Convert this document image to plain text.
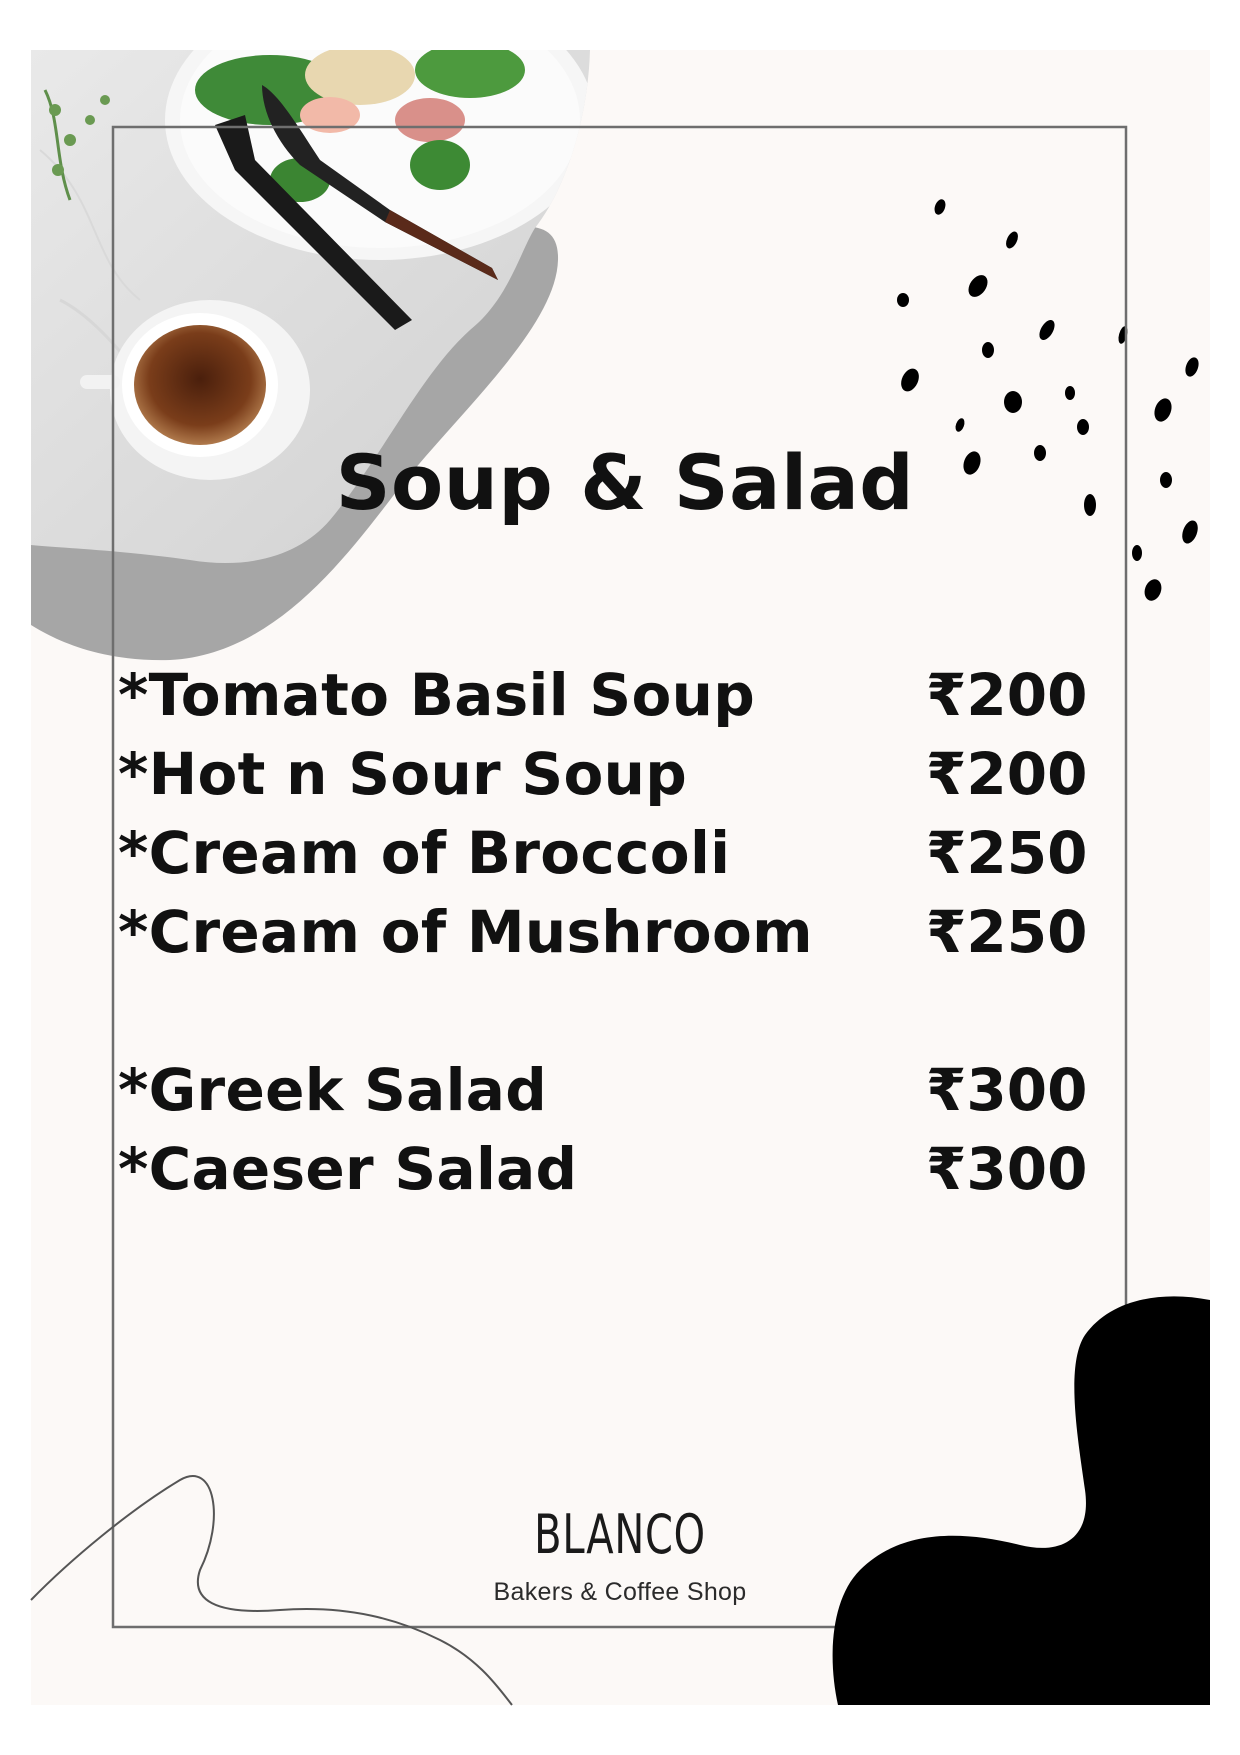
Soup & Salad
*Tomato Basil Soup	₹200
*Hot n Sour Soup	₹200
*Cream of Broccoli	₹250
*Cream of Mushroom ₹250
*Greek Salad	₹300
*Caeser Salad	₹300
BLANCO
Bakers & Coffee Shop
